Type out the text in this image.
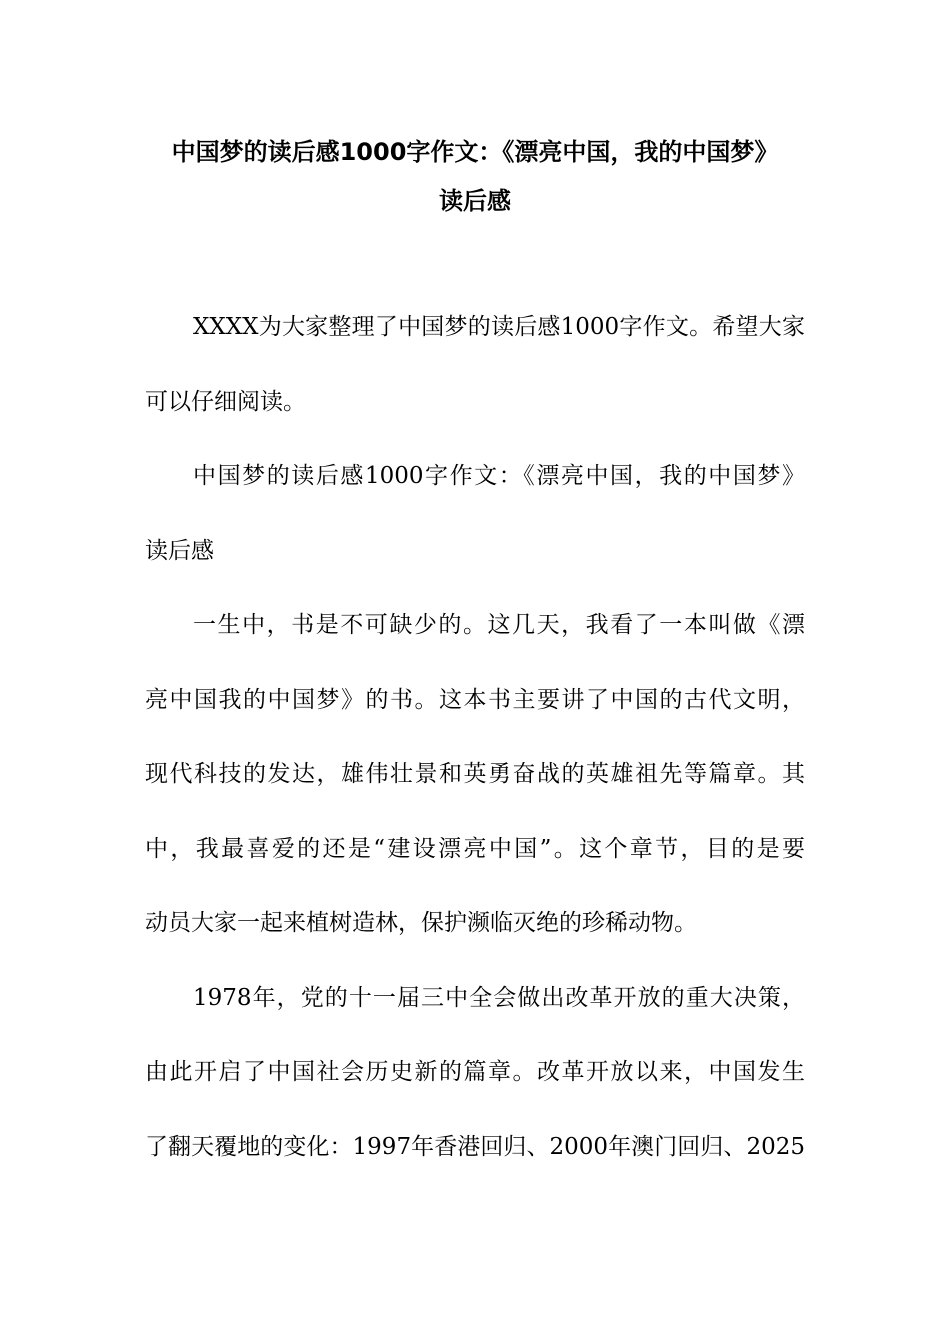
中国梦的读后感1000字作文：《漂亮中国，我的中国梦》
读后感
XXXX为大家整理了中国梦的读后感1000字作文。希望大家
可以仔细阅读。
中国梦的读后感1000字作文：《漂亮中国，我的中国梦》
读后感
一生中，书是不可缺少的。这几天，我看了一本叫做《漂
亮中国我的中国梦》的书。这本书主要讲了中国的古代文明，
现代科技的发达，雄伟壮景和英勇奋战的英雄祖先等篇章。其
中，我最喜爱的还是“建设漂亮中国”。这个章节，目的是要
动员大家一起来植树造林，保护濒临灭绝的珍稀动物。
1978年，党的十一届三中全会做出改革开放的重大决策，
由此开启了中国社会历史新的篇章。改革开放以来，中国发生
了翻天覆地的变化：1997年香港回归、2000年澳门回归、2025
